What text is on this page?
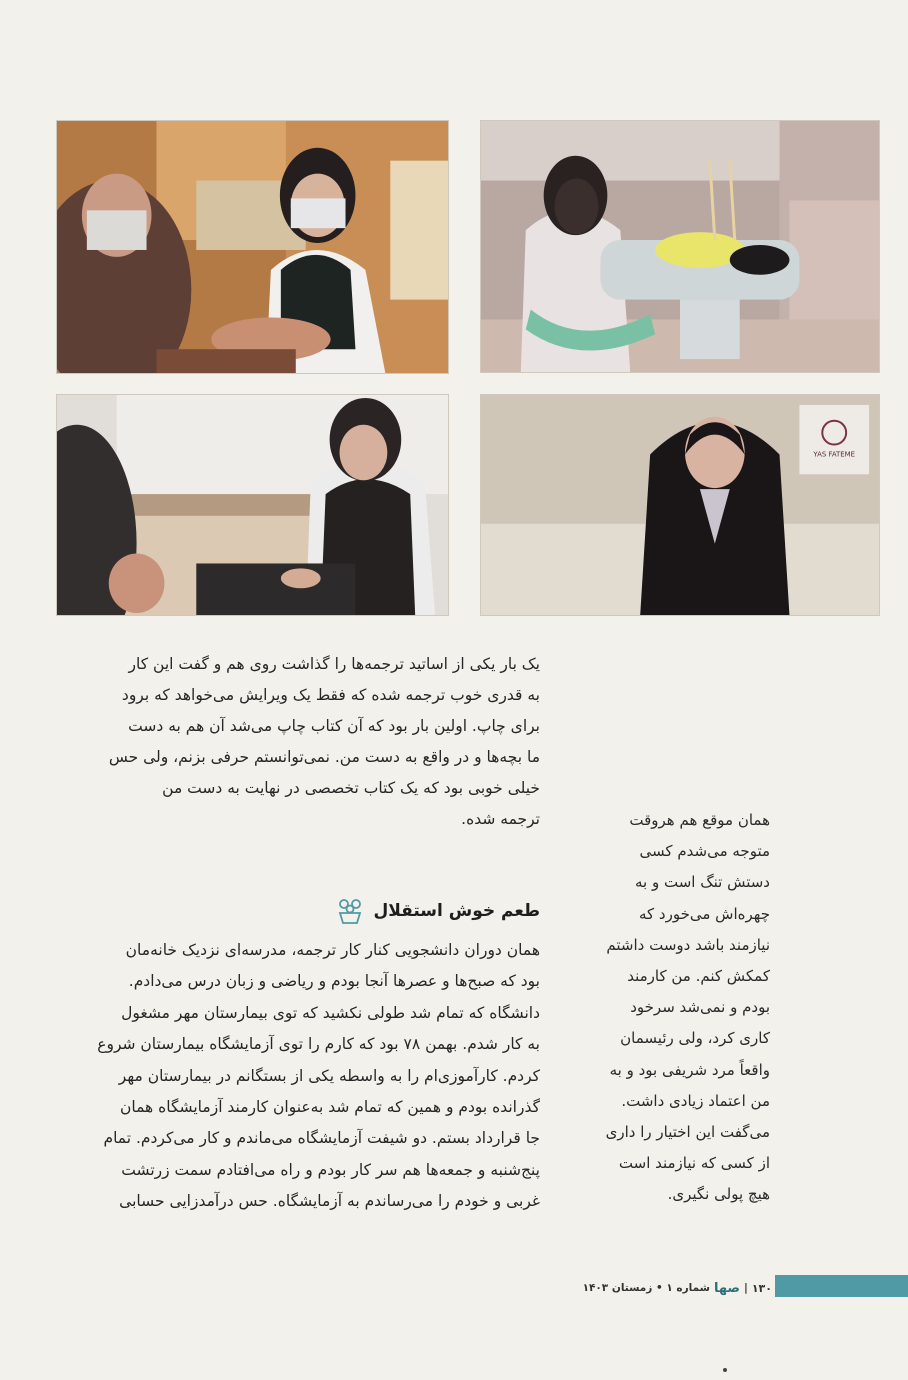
YAS FATEME

یک بار یکی از اساتید ترجمه‌ها را گذاشت روی هم و گفت این کار

به قدری خوب ترجمه شده که فقط یک ویرایش می‌خواهد که برود

برای چاپ. اولین بار بود که آن کتاب چاپ می‌شد آن هم به دست

ما بچه‌ها و در واقع به دست من. نمی‌توانستم حرفی بزنم، ولی حس

خیلی خوبی بود که یک کتاب تخصصی در نهایت به دست من

ترجمه شده.

طعم خوش استقلال

همان دوران دانشجویی کنار کار ترجمه، مدرسه‌ای نزدیک خانه‌مان

بود که صبح‌ها و عصرها آنجا بودم و ریاضی و زبان درس می‌دادم.

دانشگاه که تمام شد طولی نکشید که توی بیمارستان مهر مشغول

به کار شدم. بهمن ۷۸ بود که کارم را توی آزمایشگاه بیمارستان شروع

کردم. کارآموزی‌ام را به واسطه یکی از بستگانم در بیمارستان مهر

گذرانده بودم و همین که تمام شد به‌عنوان کارمند آزمایشگاه همان

جا قرارداد بستم. دو شیفت آزمایشگاه می‌ماندم و کار می‌کردم. تمام

پنج‌شنبه و جمعه‌ها هم سر کار بودم و راه می‌افتادم سمت زرتشت

غربی و خودم را می‌رساندم به آزمایشگاه. حس درآمدزایی حسابی

همان موقع هم هروقت
متوجه می‌شدم کسی
دستش تنگ است و به
چهره‌اش می‌خورد که
نیازمند باشد دوست داشتم
کمکش کنم. من کارمند
بودم و نمی‌شد سرخود
کاری کرد، ولی رئیسمان
واقعاً مرد شریفی بود و به
من اعتماد زیادی داشت.
می‌گفت این اختیار را داری
از کسی که نیازمند است
هیچ پولی نگیری.
۱۳۰
|
صها
شماره ۱ • زمستان ۱۴۰۳
